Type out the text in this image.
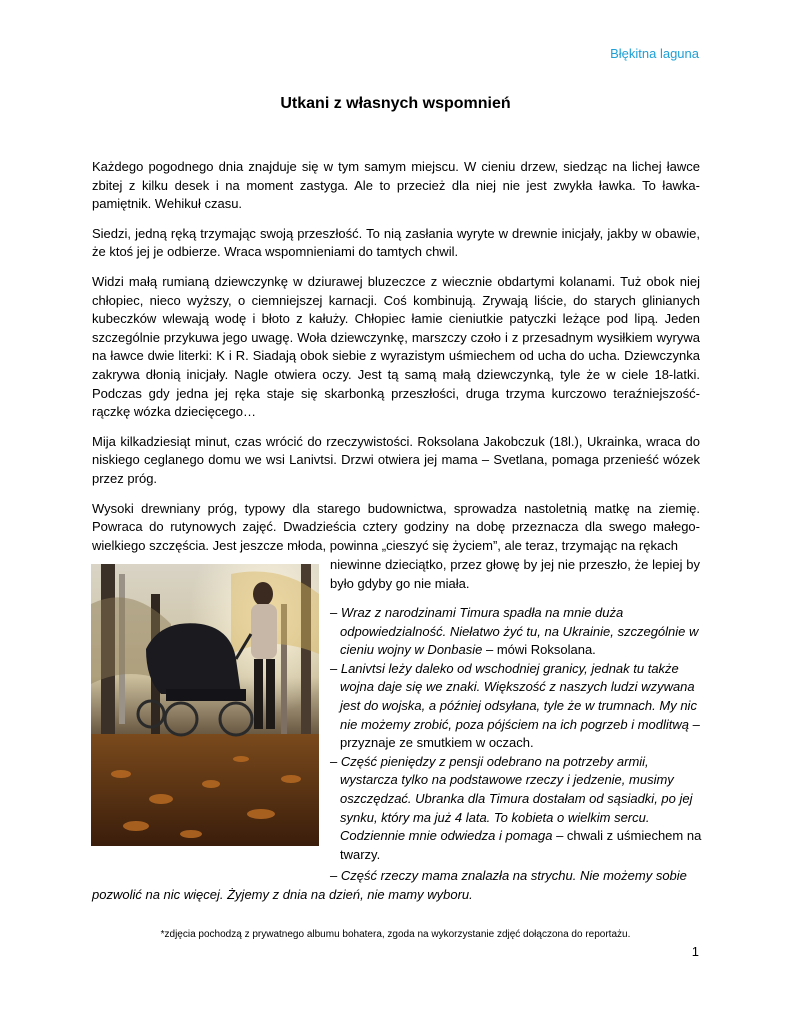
Błękitna laguna
Utkani z własnych wspomnień

Każdego pogodnego dnia znajduje się w tym samym miejscu. W cieniu drzew, siedząc na lichej ławce zbitej z kilku desek i na moment zastyga. Ale to przecież dla niej nie jest zwykła ławka. To ławka-pamiętnik. Wehikuł czasu.

Siedzi, jedną ręką trzymając swoją przeszłość. To nią zasłania wyryte w drewnie inicjały, jakby w obawie, że ktoś jej je odbierze. Wraca wspomnieniami do tamtych chwil.

Widzi małą rumianą dziewczynkę w dziurawej bluzeczce z wiecznie obdartymi kolanami. Tuż obok niej chłopiec, nieco wyższy, o ciemniejszej karnacji. Coś kombinują. Zrywają liście, do starych glinianych kubeczków wlewają wodę i błoto z kałuży. Chłopiec łamie cieniutkie patyczki leżące pod lipą. Jeden szczególnie przykuwa jego uwagę. Woła dziewczynkę, marszczy czoło i z przesadnym wysiłkiem wyrywa na ławce dwie literki: K i R. Siadają obok siebie z wyrazistym uśmiechem od ucha do ucha. Dziewczynka zakrywa dłonią inicjały. Nagle otwiera oczy. Jest tą samą małą dziewczynką, tyle że w ciele 18-latki. Podczas gdy jedna jej ręka staje się skarbonką przeszłości, druga trzyma kurczowo teraźniejszość- rączkę wózka dziecięcego…

Mija kilkadziesiąt minut, czas wrócić do rzeczywistości. Roksolana Jakobczuk (18l.), Ukrainka, wraca do niskiego ceglanego domu we wsi Lanivtsi. Drzwi otwiera jej mama – Svetlana, pomaga przenieść wózek przez próg.

Wysoki drewniany próg, typowy dla starego budownictwa, sprowadza nastoletnią matkę na ziemię. Powraca do rutynowych zajęć. Dwadzieścia cztery godziny na dobę przeznacza dla swego małego-wielkiego szczęścia. Jest jeszcze młoda, powinna „cieszyć się życiem”, ale teraz, trzymając na rękach

niewinne dzieciątko, przez głowę by jej nie przeszło, że lepiej by było gdyby go nie miała.

– Wraz z narodzinami Timura spadła na mnie duża odpowiedzialność. Niełatwo żyć tu, na Ukrainie, szczególnie w cieniu wojny w Donbasie – mówi Roksolana.

– Lanivtsi leży daleko od wschodniej granicy, jednak tu także wojna daje się we znaki. Większość z naszych ludzi wzywana jest do wojska, a później odsyłana, tyle że w trumnach. My nic nie możemy zrobić, poza pójściem na ich pogrzeb i modlitwą – przyznaje ze smutkiem w oczach.

– Część pieniędzy z pensji odebrano na potrzeby armii, wystarcza tylko na podstawowe rzeczy i jedzenie, musimy oszczędzać. Ubranka dla Timura dostałam od sąsiadki, po jej synku, który ma już 4 lata. To kobieta o wielkim sercu. Codziennie mnie odwiedza i pomaga – chwali z uśmiechem na twarzy.

– Część rzeczy mama znalazła na strychu. Nie możemy sobie
pozwolić na nic więcej. Żyjemy z dnia na dzień, nie mamy wyboru.
*zdjęcia pochodzą z prywatnego albumu bohatera, zgoda na wykorzystanie zdjęć dołączona do reportażu.
1
